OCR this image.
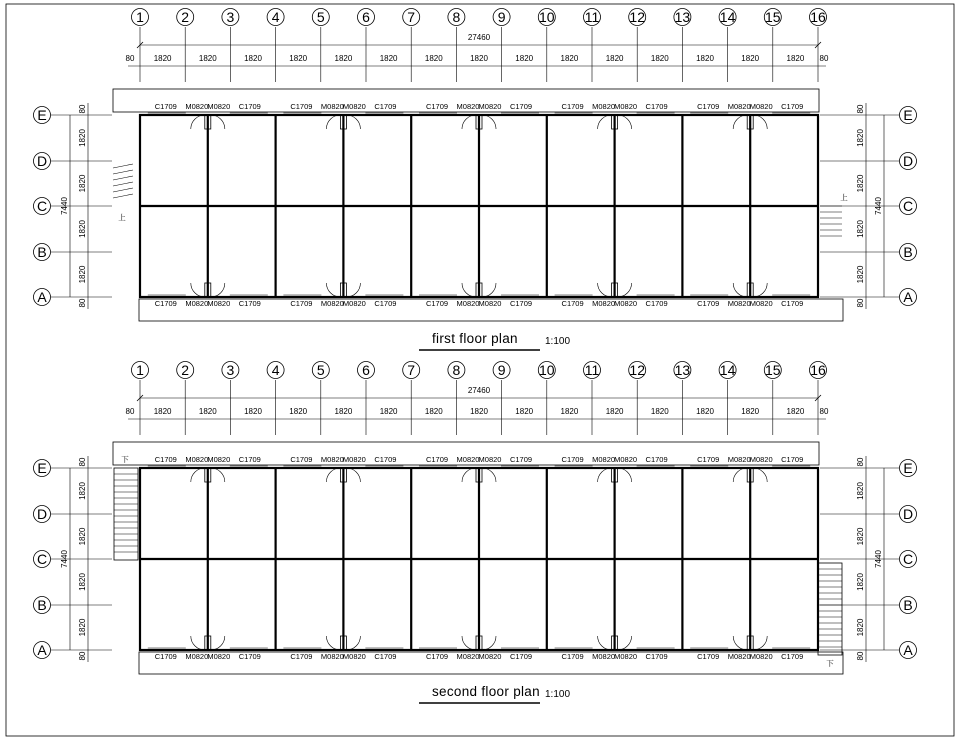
1	2	3	4	5	6	7	8	9 10 11 12 13 14 15 16
27460
1820	1820	1820	1820	1820	1820	1820	1820	1820	1820	1820	1820	1820	1820	1820
80	80
A	A
B	B
C	C
D	D
E	E
1820
1820
1820
1820
80
80
7440
1820
1820
1820
1820
80
80
7440
C1709 M0820 M0820 C1709
C1709 M0820 M0820 C1709
C1709 M0820 M0820 C1709
C1709 M0820 M0820 C1709
C1709 M0820 M0820 C1709
C1709 M0820 M0820 C1709
C1709 M0820 M0820 C1709
C1709 M0820 M0820 C1709
C1709 M0820 M0820 C1709
C1709 M0820 M0820 C1709
上
上
first floor plan	1:100
1	2	3	4	5	6	7	8	9 10 11 12 13 14 15 16
27460
1820	1820	1820	1820	1820	1820	1820	1820	1820	1820	1820	1820	1820	1820	1820
80	80
A	A
B	B
C	C
D	D
E	E
1820
1820
1820
1820
80
80
7440
1820
1820
1820
1820
80
80
7440
C1709 M0820 M0820 C1709
C1709 M0820 M0820 C1709
C1709 M0820 M0820 C1709
C1709 M0820 M0820 C1709
C1709 M0820 M0820 C1709
C1709 M0820 M0820 C1709
C1709 M0820 M0820 C1709
C1709 M0820 M0820 C1709
C1709 M0820 M0820 C1709
C1709 M0820 M0820 C1709
下
下
second floor plan 1:100
